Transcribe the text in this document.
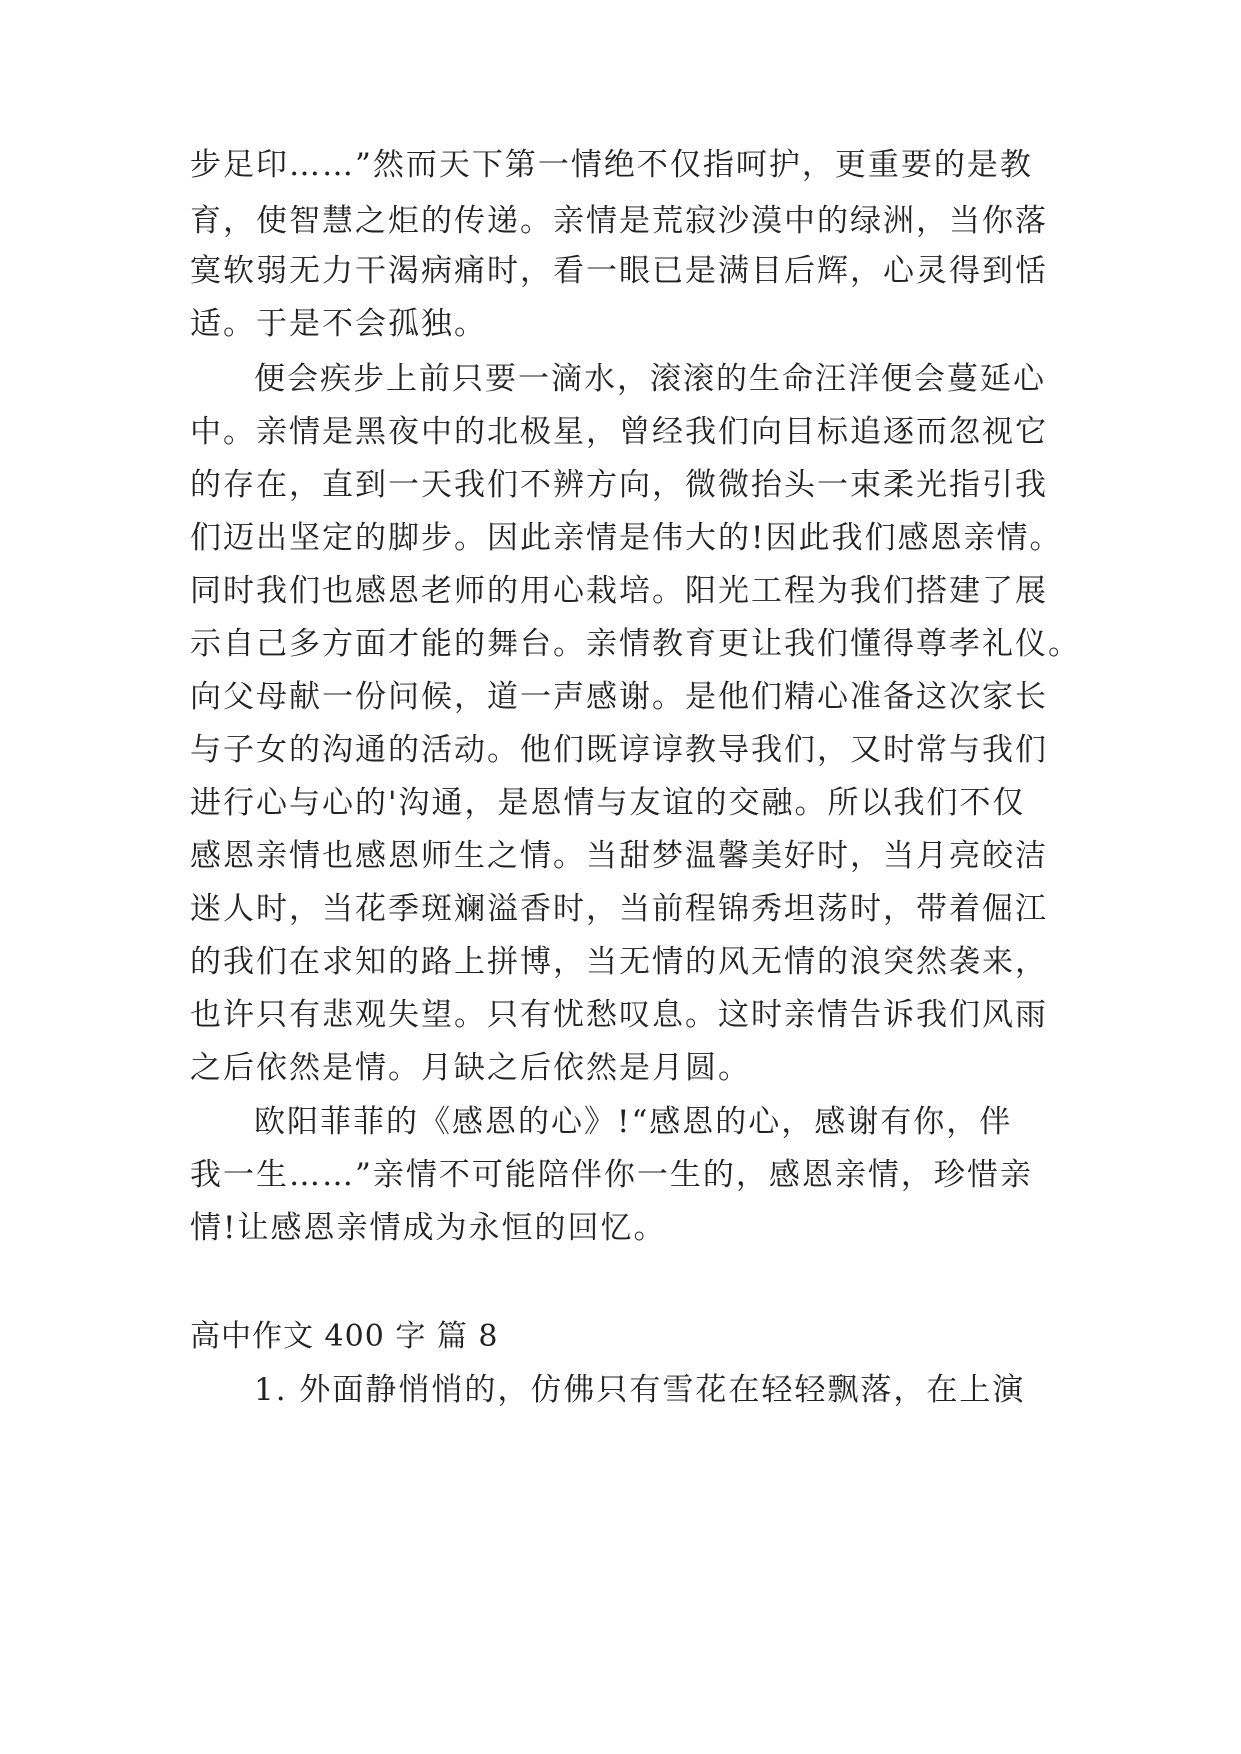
步足印……”然而天下第一情绝不仅指呵护，更重要的是教
育，使智慧之炬的传递。亲情是荒寂沙漠中的绿洲，当你落
寞软弱无力干渴病痛时，看一眼已是满目后辉，心灵得到恬
适。于是不会孤独。
便会疾步上前只要一滴水，滚滚的生命汪洋便会蔓延心
中。亲情是黑夜中的北极星，曾经我们向目标追逐而忽视它
的存在，直到一天我们不辨方向，微微抬头一束柔光指引我
们迈出坚定的脚步。因此亲情是伟大的!因此我们感恩亲情。
同时我们也感恩老师的用心栽培。阳光工程为我们搭建了展
示自己多方面才能的舞台。亲情教育更让我们懂得尊孝礼仪。
向父母献一份问候，道一声感谢。是他们精心准备这次家长
与子女的沟通的活动。他们既谆谆教导我们，又时常与我们
进行心与心的'沟通，是恩情与友谊的交融。所以我们不仅
感恩亲情也感恩师生之情。当甜梦温馨美好时，当月亮皎洁
迷人时，当花季斑斓溢香时，当前程锦秀坦荡时，带着倔江
的我们在求知的路上拼博，当无情的风无情的浪突然袭来，
也许只有悲观失望。只有忧愁叹息。这时亲情告诉我们风雨
之后依然是情。月缺之后依然是月圆。
欧阳菲菲的《感恩的心》!“感恩的心，感谢有你，伴
我一生……”亲情不可能陪伴你一生的，感恩亲情，珍惜亲
情!让感恩亲情成为永恒的回忆。
高中作文 400 字 篇 8
1. 外面静悄悄的，仿佛只有雪花在轻轻飘落，在上演
